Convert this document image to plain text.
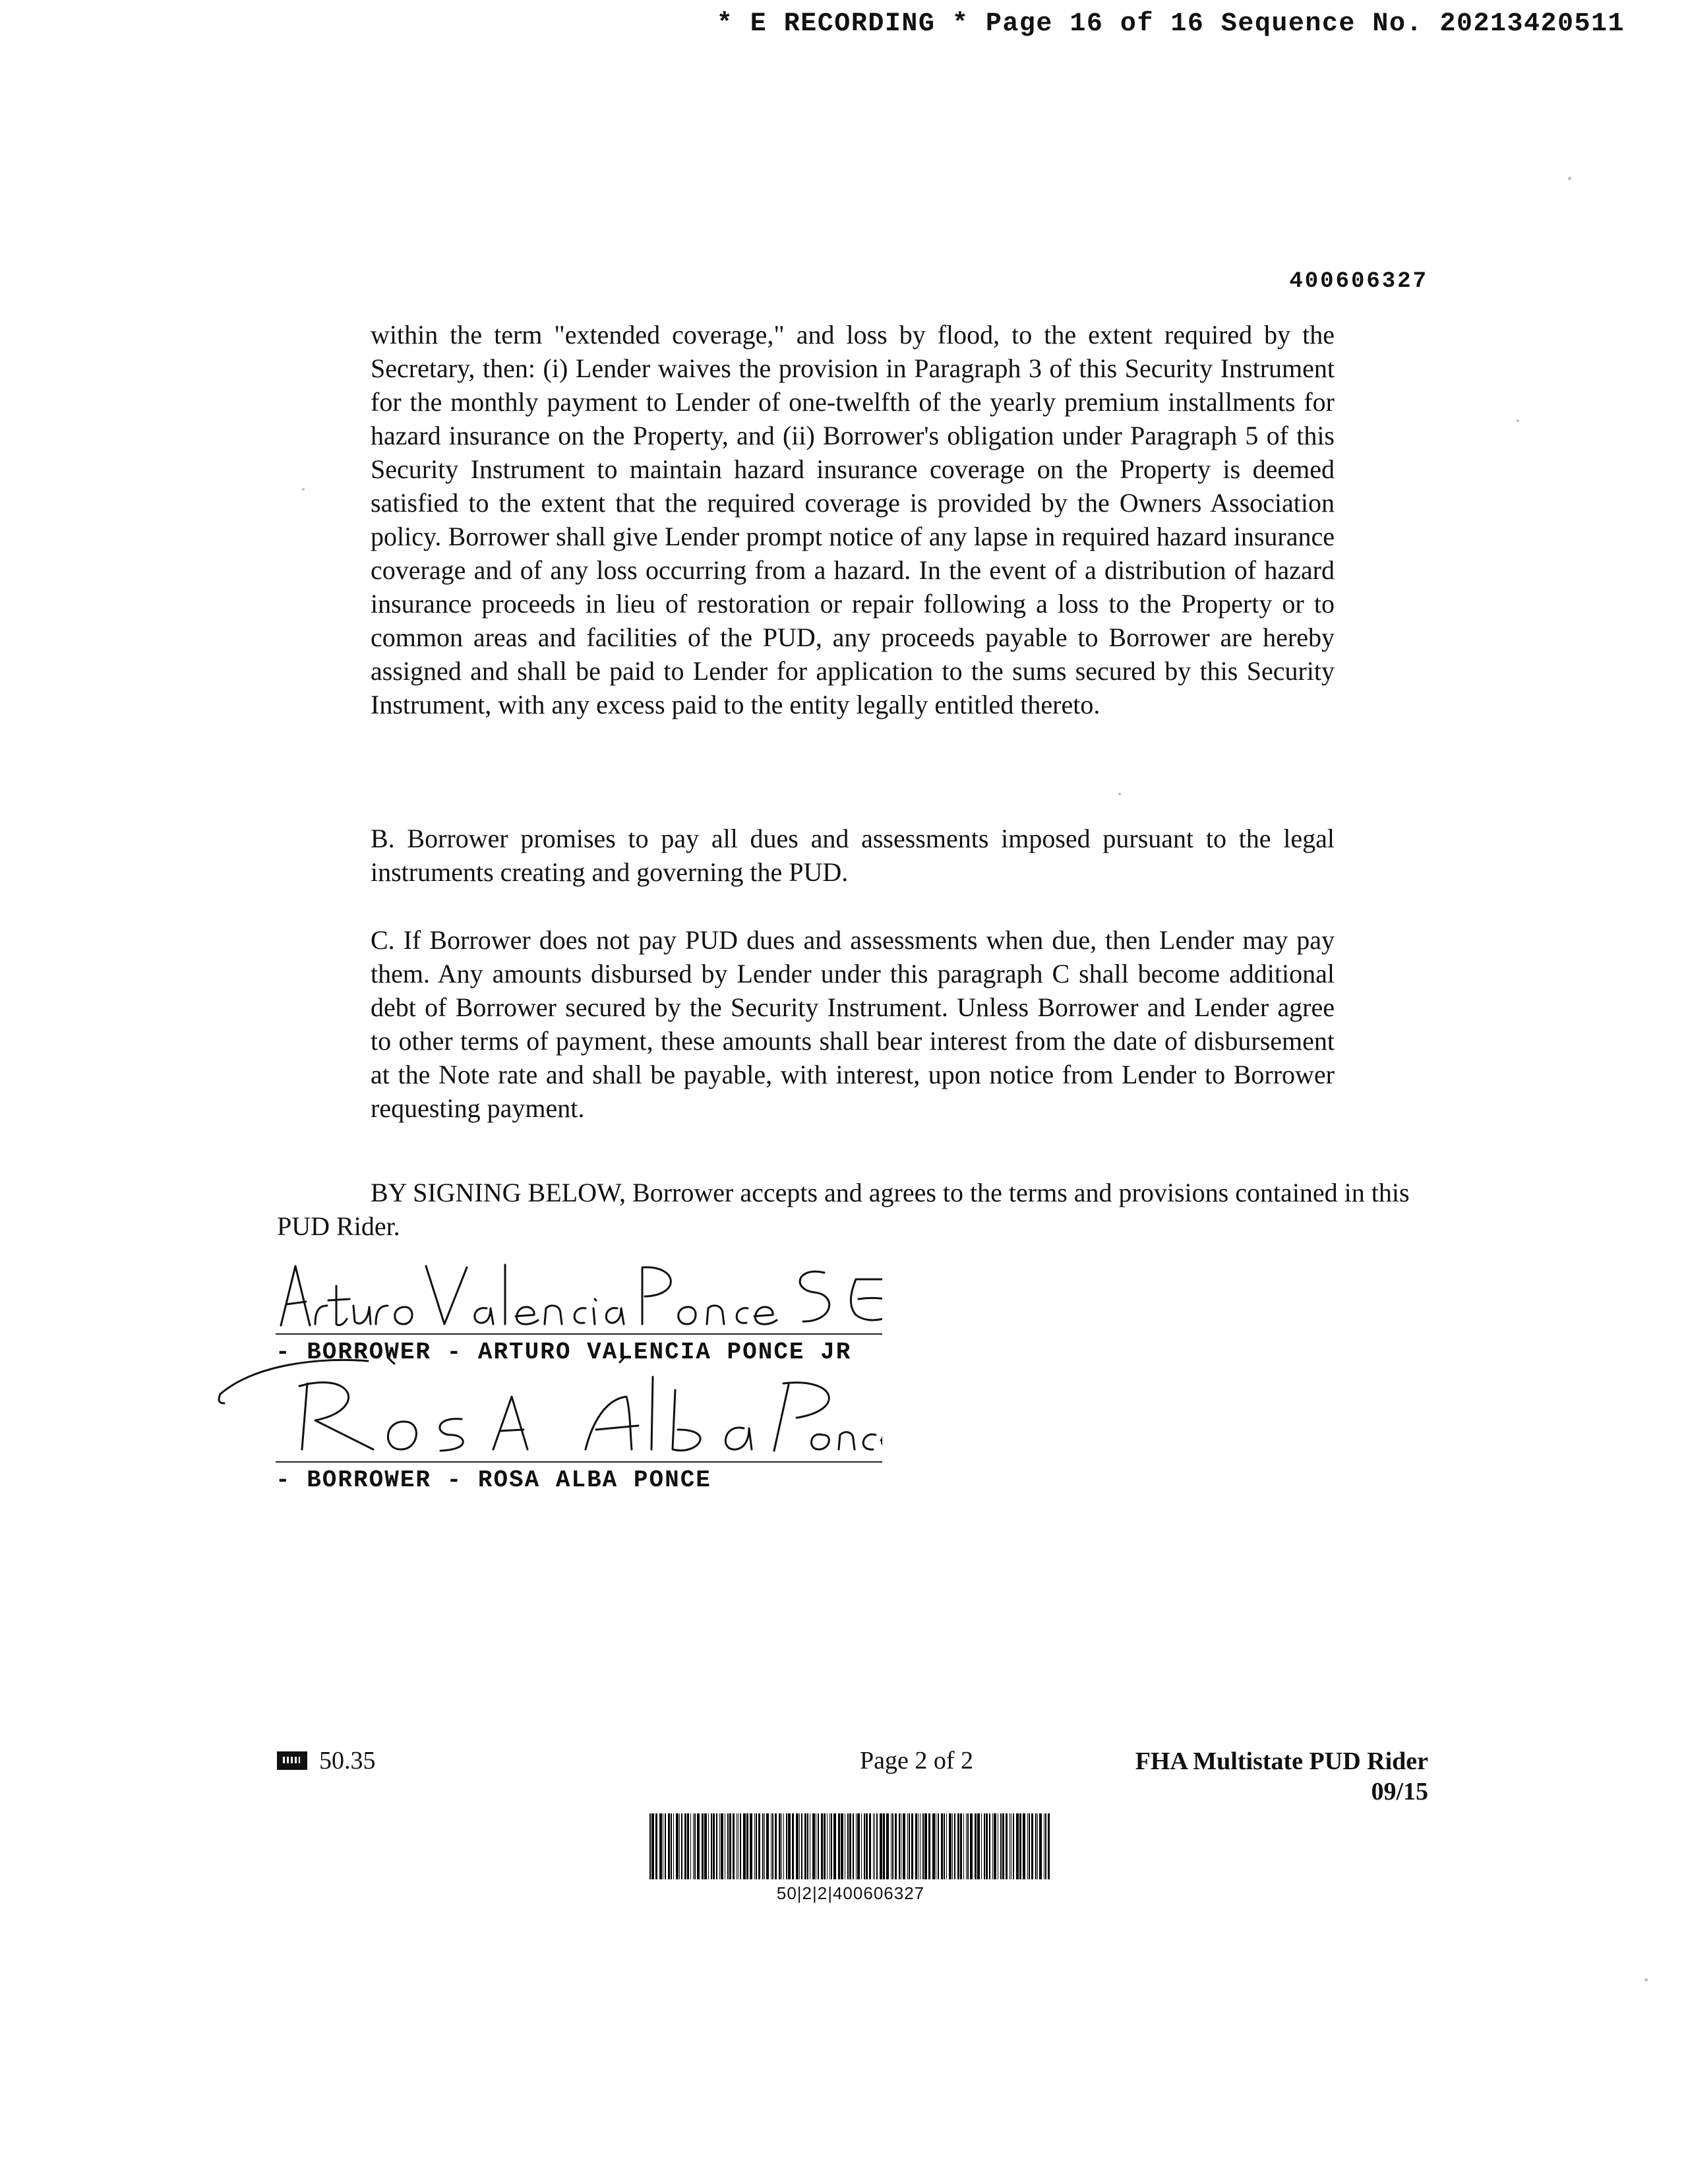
* E RECORDING * Page 16 of 16 Sequence No. 20213420511
400606327

within the term "extended coverage," and loss by flood, to the extent required by the Secretary, then: (i) Lender waives the provision in Paragraph 3 of this Security Instrument for the monthly payment to Lender of one-twelfth of the yearly premium installments for hazard insurance on the Property, and (ii) Borrower's obligation under Paragraph 5 of this Security Instrument to maintain hazard insurance coverage on the Property is deemed satisfied to the extent that the required coverage is provided by the Owners Association policy. Borrower shall give Lender prompt notice of any lapse in required hazard insurance coverage and of any loss occurring from a hazard. In the event of a distribution of hazard insurance proceeds in lieu of restoration or repair following a loss to the Property or to common areas and facilities of the PUD, any proceeds payable to Borrower are hereby assigned and shall be paid to Lender for application to the sums secured by this Security Instrument, with any excess paid to the entity legally entitled thereto.

B. Borrower promises to pay all dues and assessments imposed pursuant to the legal instruments creating and governing the PUD.

C. If Borrower does not pay PUD dues and assessments when due, then Lender may pay them. Any amounts disbursed by Lender under this paragraph C shall become additional debt of Borrower secured by the Security Instrument. Unless Borrower and Lender agree to other terms of payment, these amounts shall bear interest from the date of disbursement at the Note rate and shall be payable, with interest, upon notice from Lender to Borrower requesting payment.

BY SIGNING BELOW, Borrower accepts and agrees to the terms and provisions contained in this PUD Rider.

- BORROWER - ARTURO VALENCIA PONCE JR
- BORROWER - ROSA ALBA PONCE
50.35	Page 2 of 2	FHA Multistate PUD Rider
09/15
50|2|2|400606327
